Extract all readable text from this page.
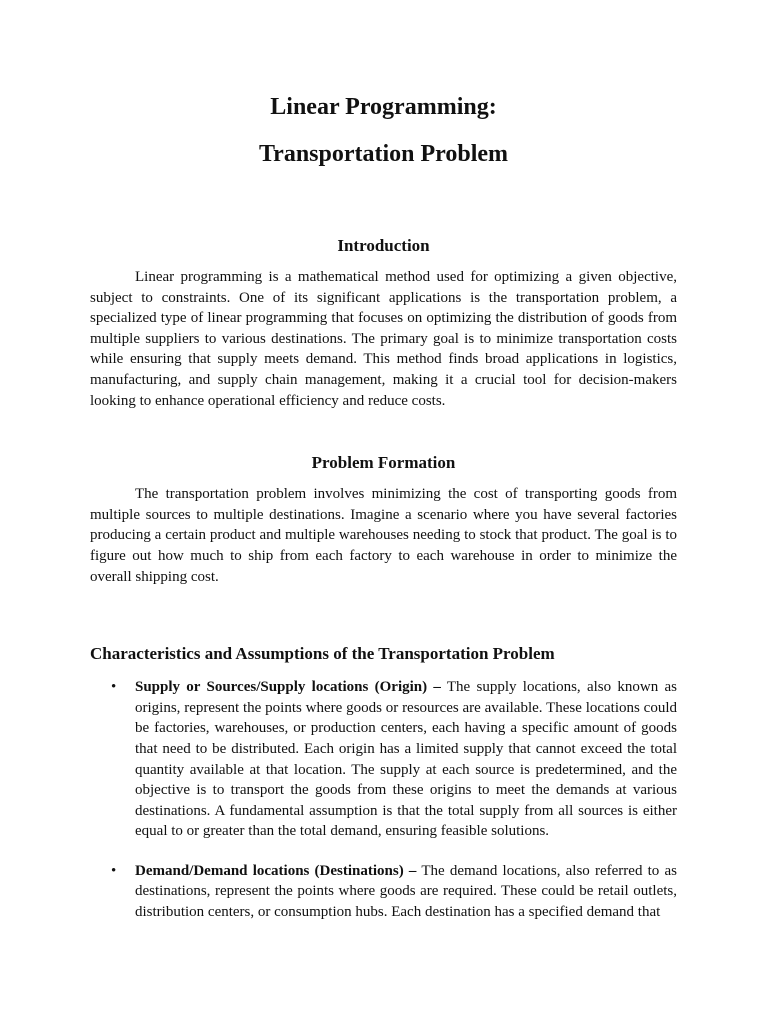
Linear Programming:
Transportation Problem
Introduction

Linear programming is a mathematical method used for optimizing a given objective, subject to constraints. One of its significant applications is the transportation problem, a specialized type of linear programming that focuses on optimizing the distribution of goods from multiple suppliers to various destinations. The primary goal is to minimize transportation costs while ensuring that supply meets demand. This method finds broad applications in logistics, manufacturing, and supply chain management, making it a crucial tool for decision-makers looking to enhance operational efficiency and reduce costs.

Problem Formation

The transportation problem involves minimizing the cost of transporting goods from multiple sources to multiple destinations. Imagine a scenario where you have several factories producing a certain product and multiple warehouses needing to stock that product. The goal is to figure out how much to ship from each factory to each warehouse in order to minimize the overall shipping cost.

Characteristics and Assumptions of the Transportation Problem
• Supply or Sources/Supply locations (Origin) – The supply locations, also known as origins, represent the points where goods or resources are available. These locations could be factories, warehouses, or production centers, each having a specific amount of goods that need to be distributed. Each origin has a limited supply that cannot exceed the total quantity available at that location. The supply at each source is predetermined, and the objective is to transport the goods from these origins to meet the demands at various destinations. A fundamental assumption is that the total supply from all sources is either equal to or greater than the total demand, ensuring feasible solutions.
• Demand/Demand locations (Destinations) – The demand locations, also referred to as destinations, represent the points where goods are required. These could be retail outlets, distribution centers, or consumption hubs. Each destination has a specified demand that
